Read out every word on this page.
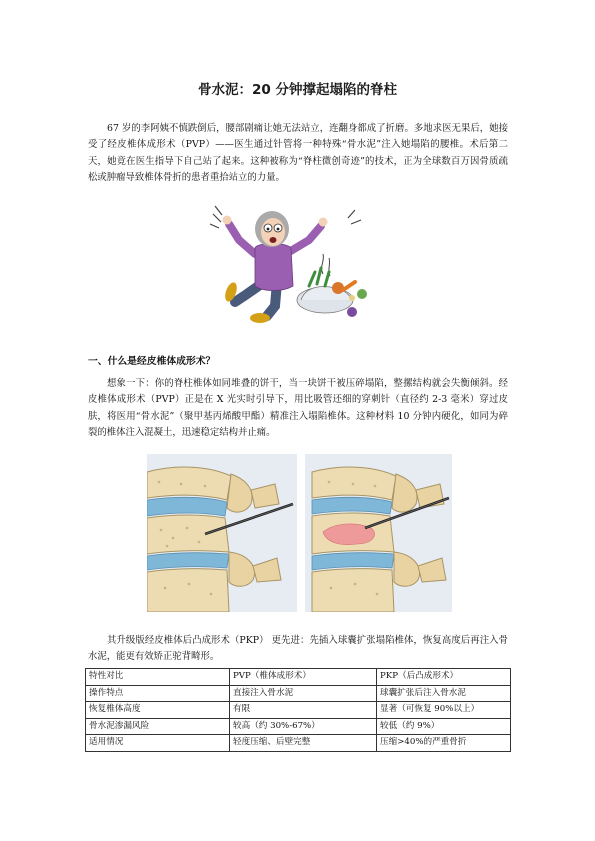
骨水泥：20 分钟撑起塌陷的脊柱

67 岁的李阿姨不慎跌倒后，腰部剧痛让她无法站立，连翻身都成了折磨。多地求医无果后，她接受了经皮椎体成形术（PVP）——医生通过针管将一种特殊“骨水泥”注入她塌陷的腰椎。术后第二天，她竟在医生指导下自己站了起来。这种被称为“脊柱微创奇迹”的技术，正为全球数百万因骨质疏松或肿瘤导致椎体骨折的患者重拾站立的力量。

一、什么是经皮椎体成形术？

想象一下：你的脊柱椎体如同堆叠的饼干，当一块饼干被压碎塌陷，整摞结构就会失衡倾斜。经皮椎体成形术（PVP）正是在 X 光实时引导下，用比吸管还细的穿刺针（直径约 2-3 毫米）穿过皮肤，将医用“骨水泥”（聚甲基丙烯酸甲酯）精准注入塌陷椎体。这种材料 10 分钟内硬化，如同为碎裂的椎体注入混凝土，迅速稳定结构并止痛。

其升级版经皮椎体后凸成形术（PKP） 更先进：先插入球囊扩张塌陷椎体，恢复高度后再注入骨水泥，能更有效矫正驼背畸形。

特性对比	PVP（椎体成形术）	PKP（后凸成形术）
操作特点	直接注入骨水泥	球囊扩张后注入骨水泥
恢复椎体高度	有限	显著（可恢复 90%以上）
骨水泥渗漏风险	较高（约 30%-67%）	较低（约 9%）
适用情况	轻度压缩、后壁完整	压缩>40%的严重骨折
